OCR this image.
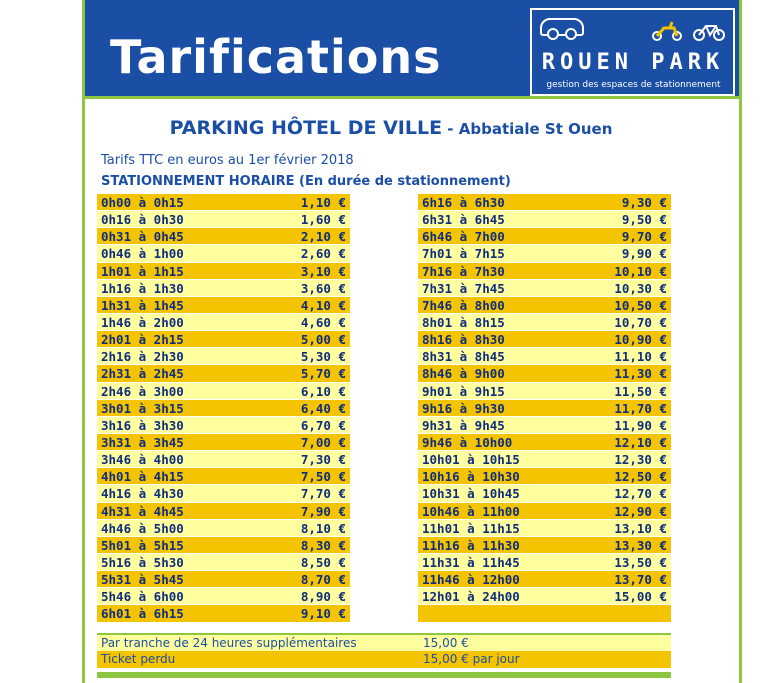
Tarifications	ROUEN PARK
gestion des espaces de stationnement
PARKING HÔTEL DE VILLE - Abbatiale St Ouen
Tarifs TTC en euros au 1er février 2018
STATIONNEMENT HORAIRE (En durée de stationnement)
0h00 à 0h15	1,10 €
0h16 à 0h30	1,60 €
0h31 à 0h45	2,10 €
0h46 à 1h00	2,60 €
1h01 à 1h15	3,10 €
1h16 à 1h30	3,60 €
1h31 à 1h45	4,10 €
1h46 à 2h00	4,60 €
2h01 à 2h15	5,00 €
2h16 à 2h30	5,30 €
2h31 à 2h45	5,70 €
2h46 à 3h00	6,10 €
3h01 à 3h15	6,40 €
3h16 à 3h30	6,70 €
3h31 à 3h45	7,00 €
3h46 à 4h00	7,30 €
4h01 à 4h15	7,50 €
4h16 à 4h30	7,70 €
4h31 à 4h45	7,90 €
4h46 à 5h00	8,10 €
5h01 à 5h15	8,30 €
5h16 à 5h30	8,50 €
5h31 à 5h45	8,70 €
5h46 à 6h00	8,90 €
6h01 à 6h15	9,10 €
6h16 à 6h30	9,30 €
6h31 à 6h45	9,50 €
6h46 à 7h00	9,70 €
7h01 à 7h15	9,90 €
7h16 à 7h30	10,10 €
7h31 à 7h45	10,30 €
7h46 à 8h00	10,50 €
8h01 à 8h15	10,70 €
8h16 à 8h30	10,90 €
8h31 à 8h45	11,10 €
8h46 à 9h00	11,30 €
9h01 à 9h15	11,50 €
9h16 à 9h30	11,70 €
9h31 à 9h45	11,90 €
9h46 à 10h00	12,10 €
10h01 à 10h15	12,30 €
10h16 à 10h30	12,50 €
10h31 à 10h45	12,70 €
10h46 à 11h00	12,90 €
11h01 à 11h15	13,10 €
11h16 à 11h30	13,30 €
11h31 à 11h45	13,50 €
11h46 à 12h00	13,70 €
12h01 à 24h00	15,00 €
Par tranche de 24 heures supplémentaires	15,00 €
Ticket perdu	15,00 € par jour
